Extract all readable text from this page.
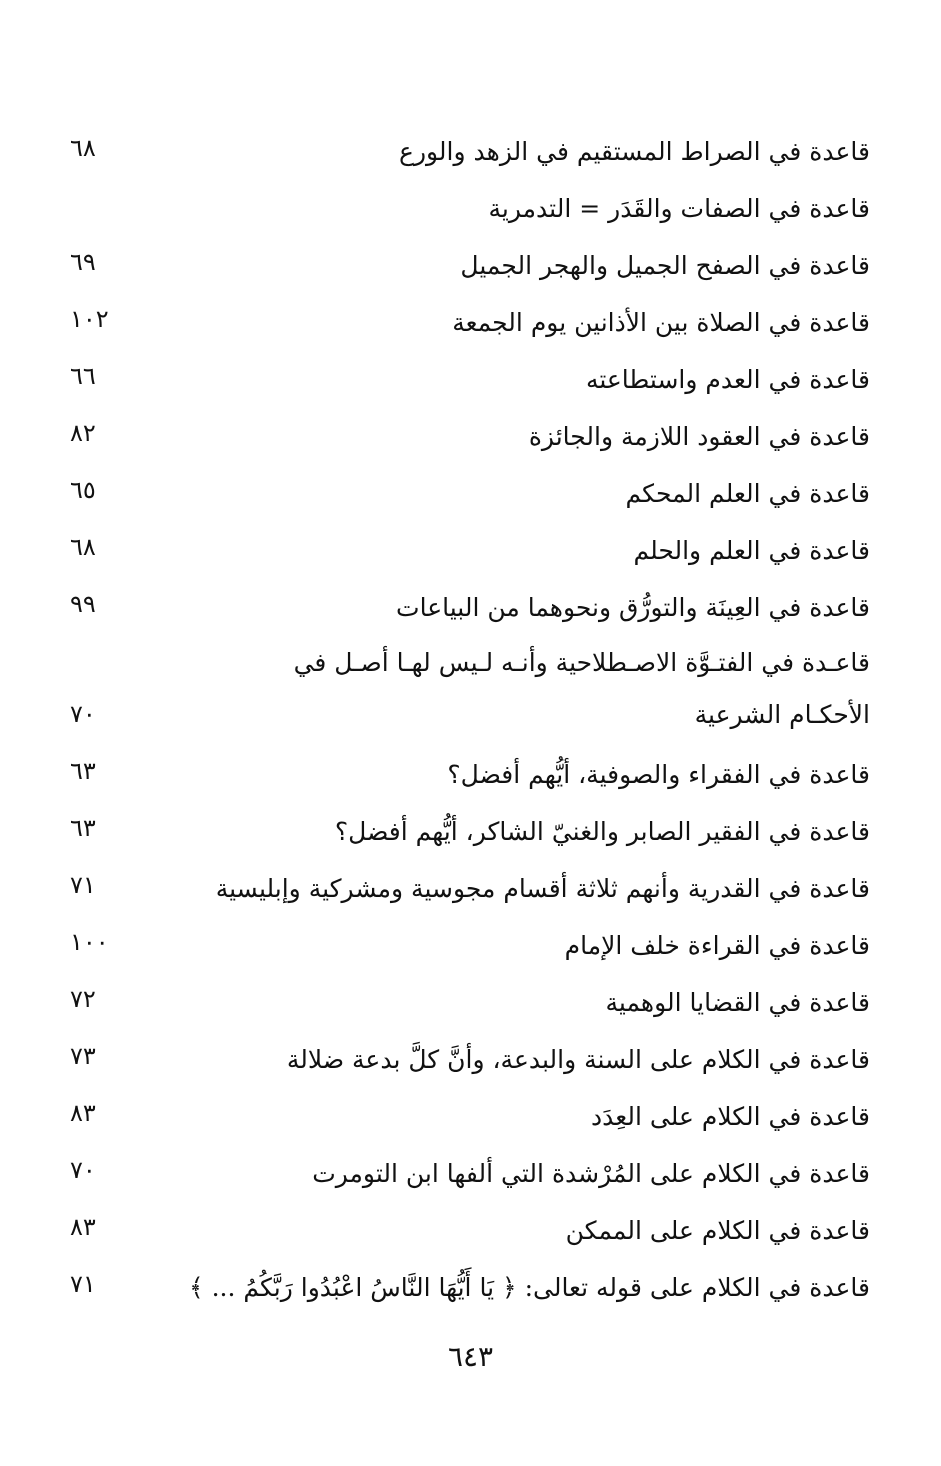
قاعدة في الصراط المستقيم في الزهد والورع
٦٨
قاعدة في الصفات والقَدَر = التدمرية
قاعدة في الصفح الجميل والهجر الجميل
٦٩
قاعدة في الصلاة بين الأذانين يوم الجمعة
١٠٢
قاعدة في العدم واستطاعته
٦٦
قاعدة في العقود اللازمة والجائزة
٨٢
قاعدة في العلم المحكم
٦٥
قاعدة في العلم والحلم
٦٨
قاعدة في العِينَة والتورُّق ونحوهما من البياعات
٩٩
قاعـدة في الفتـوَّة الاصـطلاحية وأنـه لـيس لهـا أصـل في الأحكـام الشرعية
٧٠
قاعدة في الفقراء والصوفية، أيُّهم أفضل؟
٦٣
قاعدة في الفقير الصابر والغنيّ الشاكر، أيُّهم أفضل؟
٦٣
قاعدة في القدرية وأنهم ثلاثة أقسام مجوسية ومشركية وإبليسية
٧١
قاعدة في القراءة خلف الإمام
١٠٠
قاعدة في القضايا الوهمية
٧٢
قاعدة في الكلام على السنة والبدعة، وأنَّ كلَّ بدعة ضلالة
٧٣
قاعدة في الكلام على العِدَد
٨٣
قاعدة في الكلام على المُرْشدة التي ألفها ابن التومرت
٧٠
قاعدة في الكلام على الممكن
٨٣
قاعدة في الكلام على قوله تعالى: ﴿ يَا أَيُّهَا النَّاسُ اعْبُدُوا رَبَّكُمُ ... ﴾
٧١
٦٤٣
